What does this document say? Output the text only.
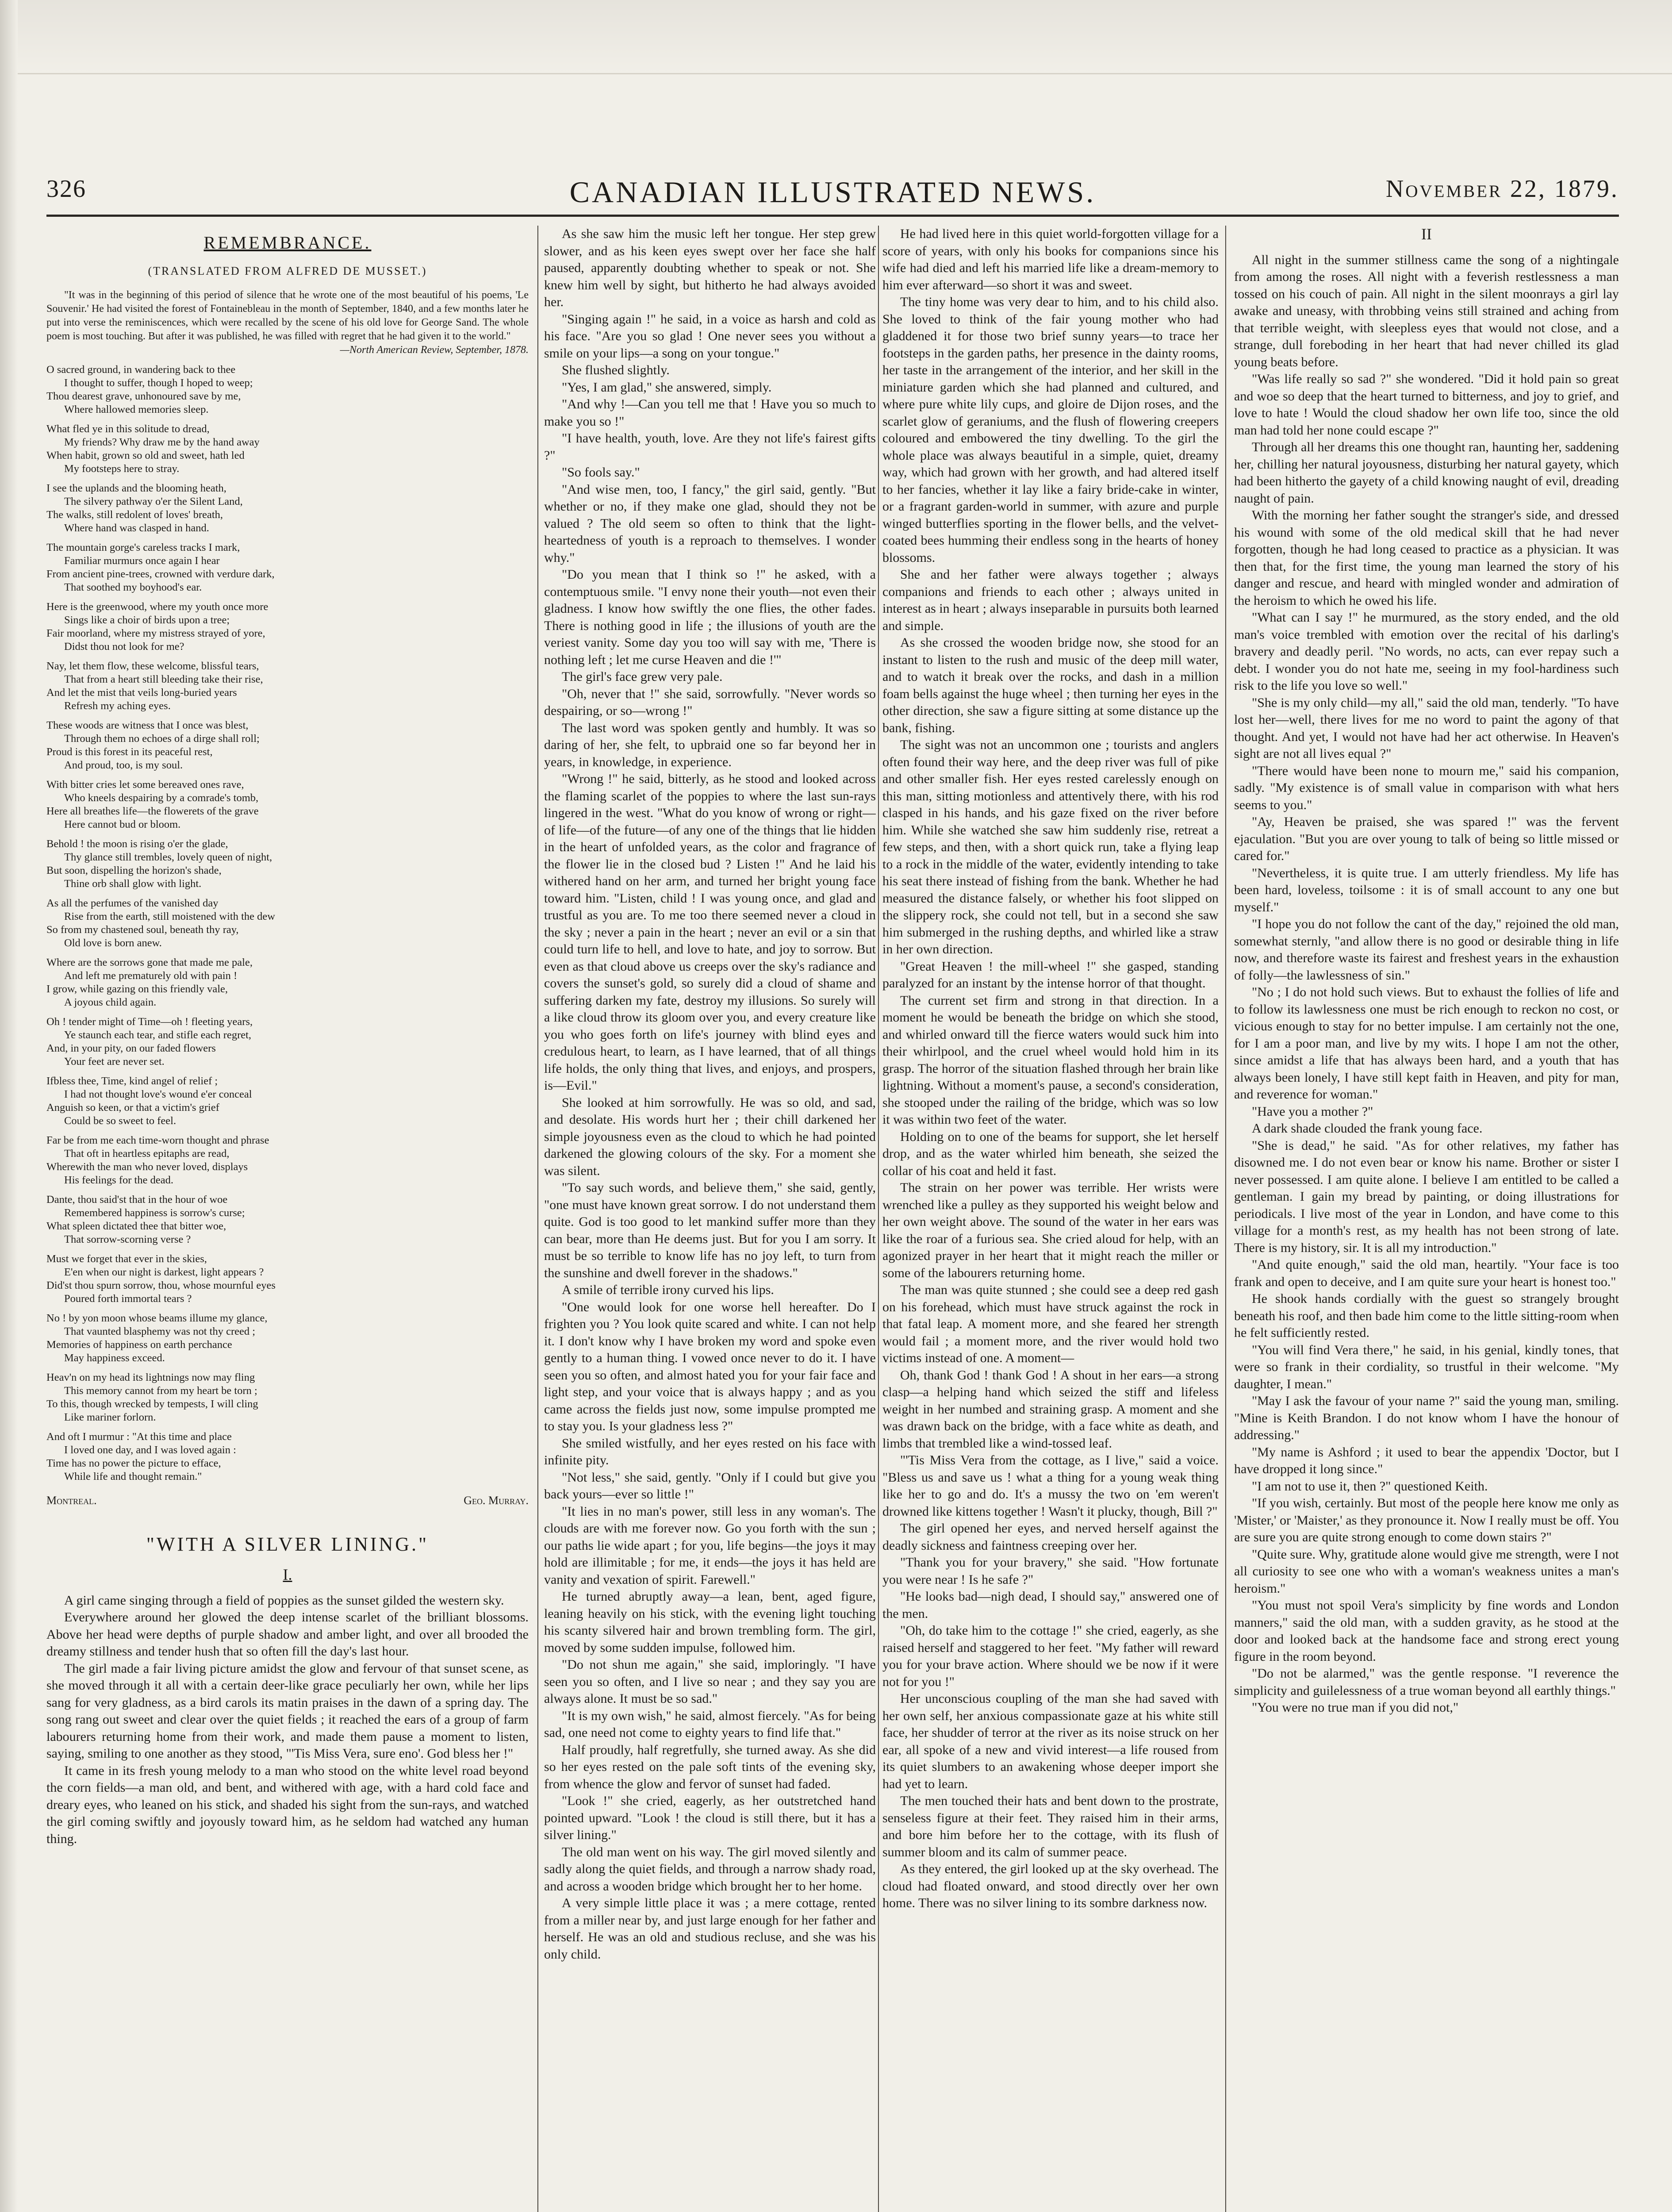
326	CANADIAN ILLUSTRATED NEWS.	November 22, 1879.
REMEMBRANCE.
(TRANSLATED FROM ALFRED DE MUSSET.)
"It was in the beginning of this period of silence that he wrote one of the most beautiful of his poems, 'Le Souvenir.' He had visited the forest of Fontainebleau in the month of September, 1840, and a few months later he put into verse the reminiscences, which were recalled by the scene of his old love for George Sand. The whole poem is most touching. But after it was published, he was filled with regret that he had given it to the world."
—North American Review, September, 1878.
O sacred ground, in wandering back to thee
I thought to suffer, though I hoped to weep;
Thou dearest grave, unhonoured save by me,
Where hallowed memories sleep.
What fled ye in this solitude to dread,
My friends? Why draw me by the hand away
When habit, grown so old and sweet, hath led
My footsteps here to stray.
I see the uplands and the blooming heath,
The silvery pathway o'er the Silent Land,
The walks, still redolent of loves' breath,
Where hand was clasped in hand.
The mountain gorge's careless tracks I mark,
Familiar murmurs once again I hear
From ancient pine-trees, crowned with verdure dark,
That soothed my boyhood's ear.
Here is the greenwood, where my youth once more
Sings like a choir of birds upon a tree;
Fair moorland, where my mistress strayed of yore,
Didst thou not look for me?
Nay, let them flow, these welcome, blissful tears,
That from a heart still bleeding take their rise,
And let the mist that veils long-buried years
Refresh my aching eyes.
These woods are witness that I once was blest,
Through them no echoes of a dirge shall roll;
Proud is this forest in its peaceful rest,
And proud, too, is my soul.
With bitter cries let some bereaved ones rave,
Who kneels despairing by a comrade's tomb,
Here all breathes life—the flowerets of the grave
Here cannot bud or bloom.
Behold ! the moon is rising o'er the glade,
Thy glance still trembles, lovely queen of night,
But soon, dispelling the horizon's shade,
Thine orb shall glow with light.
As all the perfumes of the vanished day
Rise from the earth, still moistened with the dew
So from my chastened soul, beneath thy ray,
Old love is born anew.
Where are the sorrows gone that made me pale,
And left me prematurely old with pain !
I grow, while gazing on this friendly vale,
A joyous child again.
Oh ! tender might of Time—oh ! fleeting years,
Ye staunch each tear, and stifle each regret,
And, in your pity, on our faded flowers
Your feet are never set.
Ifbless thee, Time, kind angel of relief ;
I had not thought love's wound e'er conceal
Anguish so keen, or that a victim's grief
Could be so sweet to feel.
Far be from me each time-worn thought and phrase
That oft in heartless epitaphs are read,
Wherewith the man who never loved, displays
His feelings for the dead.
Dante, thou said'st that in the hour of woe
Remembered happiness is sorrow's curse;
What spleen dictated thee that bitter woe,
That sorrow-scorning verse ?
Must we forget that ever in the skies,
E'en when our night is darkest, light appears ?
Did'st thou spurn sorrow, thou, whose mournful eyes
Poured forth immortal tears ?
No ! by yon moon whose beams illume my glance,
That vaunted blasphemy was not thy creed ;
Memories of happiness on earth perchance
May happiness exceed.
Heav'n on my head its lightnings now may fling
This memory cannot from my heart be torn ;
To this, though wrecked by tempests, I will cling
Like mariner forlorn.
And oft I murmur : "At this time and place
I loved one day, and I was loved again :
Time has no power the picture to efface,
While life and thought remain."
Montreal.	Geo. Murray.
"WITH A SILVER LINING."
I.

A girl came singing through a field of poppies as the sunset gilded the western sky.

Everywhere around her glowed the deep intense scarlet of the brilliant blossoms. Above her head were depths of purple shadow and amber light, and over all brooded the dreamy stillness and tender hush that so often fill the day's last hour.

The girl made a fair living picture amidst the glow and fervour of that sunset scene, as she moved through it all with a certain deer-like grace peculiarly her own, while her lips sang for very gladness, as a bird carols its matin praises in the dawn of a spring day. The song rang out sweet and clear over the quiet fields ; it reached the ears of a group of farm labourers returning home from their work, and made them pause a moment to listen, saying, smiling to one another as they stood, "'Tis Miss Vera, sure eno'. God bless her !"

It came in its fresh young melody to a man who stood on the white level road beyond the corn fields—a man old, and bent, and withered with age, with a hard cold face and dreary eyes, who leaned on his stick, and shaded his sight from the sun-rays, and watched the girl coming swiftly and joyously toward him, as he seldom had watched any human thing.

As she saw him the music left her tongue. Her step grew slower, and as his keen eyes swept over her face she half paused, apparently doubting whether to speak or not. She knew him well by sight, but hitherto he had always avoided her.

"Singing again !" he said, in a voice as harsh and cold as his face. "Are you so glad ! One never sees you without a smile on your lips—a song on your tongue."

She flushed slightly.

"Yes, I am glad," she answered, simply.

"And why !—Can you tell me that ! Have you so much to make you so !"

"I have health, youth, love. Are they not life's fairest gifts ?"

"So fools say."

"And wise men, too, I fancy," the girl said, gently. "But whether or no, if they make one glad, should they not be valued ? The old seem so often to think that the light-heartedness of youth is a reproach to themselves. I wonder why."

"Do you mean that I think so !" he asked, with a contemptuous smile. "I envy none their youth—not even their gladness. I know how swiftly the one flies, the other fades. There is nothing good in life ; the illusions of youth are the veriest vanity. Some day you too will say with me, 'There is nothing left ; let me curse Heaven and die !'"

The girl's face grew very pale.

"Oh, never that !" she said, sorrowfully. "Never words so despairing, or so—wrong !"

The last word was spoken gently and humbly. It was so daring of her, she felt, to upbraid one so far beyond her in years, in knowledge, in experience.

"Wrong !" he said, bitterly, as he stood and looked across the flaming scarlet of the poppies to where the last sun-rays lingered in the west. "What do you know of wrong or right—of life—of the future—of any one of the things that lie hidden in the heart of unfolded years, as the color and fragrance of the flower lie in the closed bud ? Listen !" And he laid his withered hand on her arm, and turned her bright young face toward him. "Listen, child ! I was young once, and glad and trustful as you are. To me too there seemed never a cloud in the sky ; never a pain in the heart ; never an evil or a sin that could turn life to hell, and love to hate, and joy to sorrow. But even as that cloud above us creeps over the sky's radiance and covers the sunset's gold, so surely did a cloud of shame and suffering darken my fate, destroy my illusions. So surely will a like cloud throw its gloom over you, and every creature like you who goes forth on life's journey with blind eyes and credulous heart, to learn, as I have learned, that of all things life holds, the only thing that lives, and enjoys, and prospers, is—Evil."

She looked at him sorrowfully. He was so old, and sad, and desolate. His words hurt her ; their chill darkened her simple joyousness even as the cloud to which he had pointed darkened the glowing colours of the sky. For a moment she was silent.

"To say such words, and believe them," she said, gently, "one must have known great sorrow. I do not understand them quite. God is too good to let mankind suffer more than they can bear, more than He deems just. But for you I am sorry. It must be so terrible to know life has no joy left, to turn from the sunshine and dwell forever in the shadows."

A smile of terrible irony curved his lips.

"One would look for one worse hell hereafter. Do I frighten you ? You look quite scared and white. I can not help it. I don't know why I have broken my word and spoke even gently to a human thing. I vowed once never to do it. I have seen you so often, and almost hated you for your fair face and light step, and your voice that is always happy ; and as you came across the fields just now, some impulse prompted me to stay you. Is your gladness less ?"

She smiled wistfully, and her eyes rested on his face with infinite pity.

"Not less," she said, gently. "Only if I could but give you back yours—ever so little !"

"It lies in no man's power, still less in any woman's. The clouds are with me forever now. Go you forth with the sun ; our paths lie wide apart ; for you, life begins—the joys it may hold are illimitable ; for me, it ends—the joys it has held are vanity and vexation of spirit. Farewell."

He turned abruptly away—a lean, bent, aged figure, leaning heavily on his stick, with the evening light touching his scanty silvered hair and brown trembling form. The girl, moved by some sudden impulse, followed him.

"Do not shun me again," she said, imploringly. "I have seen you so often, and I live so near ; and they say you are always alone. It must be so sad."

"It is my own wish," he said, almost fiercely. "As for being sad, one need not come to eighty years to find life that."

Half proudly, half regretfully, she turned away. As she did so her eyes rested on the pale soft tints of the evening sky, from whence the glow and fervor of sunset had faded.

"Look !" she cried, eagerly, as her outstretched hand pointed upward. "Look ! the cloud is still there, but it has a silver lining."

The old man went on his way. The girl moved silently and sadly along the quiet fields, and through a narrow shady road, and across a wooden bridge which brought her to her home.

A very simple little place it was ; a mere cottage, rented from a miller near by, and just large enough for her father and herself. He was an old and studious recluse, and she was his only child.

He had lived here in this quiet world-forgotten village for a score of years, with only his books for companions since his wife had died and left his married life like a dream-memory to him ever afterward—so short it was and sweet.

The tiny home was very dear to him, and to his child also. She loved to think of the fair young mother who had gladdened it for those two brief sunny years—to trace her footsteps in the garden paths, her presence in the dainty rooms, her taste in the arrangement of the interior, and her skill in the miniature garden which she had planned and cultured, and where pure white lily cups, and gloire de Dijon roses, and the scarlet glow of geraniums, and the flush of flowering creepers coloured and embowered the tiny dwelling. To the girl the whole place was always beautiful in a simple, quiet, dreamy way, which had grown with her growth, and had altered itself to her fancies, whether it lay like a fairy bride-cake in winter, or a fragrant garden-world in summer, with azure and purple winged butterflies sporting in the flower bells, and the velvet-coated bees humming their endless song in the hearts of honey blossoms.

She and her father were always together ; always companions and friends to each other ; always united in interest as in heart ; always inseparable in pursuits both learned and simple.

As she crossed the wooden bridge now, she stood for an instant to listen to the rush and music of the deep mill water, and to watch it break over the rocks, and dash in a million foam bells against the huge wheel ; then turning her eyes in the other direction, she saw a figure sitting at some distance up the bank, fishing.

The sight was not an uncommon one ; tourists and anglers often found their way here, and the deep river was full of pike and other smaller fish. Her eyes rested carelessly enough on this man, sitting motionless and attentively there, with his rod clasped in his hands, and his gaze fixed on the river before him. While she watched she saw him suddenly rise, retreat a few steps, and then, with a short quick run, take a flying leap to a rock in the middle of the water, evidently intending to take his seat there instead of fishing from the bank. Whether he had measured the distance falsely, or whether his foot slipped on the slippery rock, she could not tell, but in a second she saw him submerged in the rushing depths, and whirled like a straw in her own direction.

"Great Heaven ! the mill-wheel !" she gasped, standing paralyzed for an instant by the intense horror of that thought.

The current set firm and strong in that direction. In a moment he would be beneath the bridge on which she stood, and whirled onward till the fierce waters would suck him into their whirlpool, and the cruel wheel would hold him in its grasp. The horror of the situation flashed through her brain like lightning. Without a moment's pause, a second's consideration, she stooped under the railing of the bridge, which was so low it was within two feet of the water.

Holding on to one of the beams for support, she let herself drop, and as the water whirled him beneath, she seized the collar of his coat and held it fast.

The strain on her power was terrible. Her wrists were wrenched like a pulley as they supported his weight below and her own weight above. The sound of the water in her ears was like the roar of a furious sea. She cried aloud for help, with an agonized prayer in her heart that it might reach the miller or some of the labourers returning home.

The man was quite stunned ; she could see a deep red gash on his forehead, which must have struck against the rock in that fatal leap. A moment more, and she feared her strength would fail ; a moment more, and the river would hold two victims instead of one. A moment—

Oh, thank God ! thank God ! A shout in her ears—a strong clasp—a helping hand which seized the stiff and lifeless weight in her numbed and straining grasp. A moment and she was drawn back on the bridge, with a face white as death, and limbs that trembled like a wind-tossed leaf.

"'Tis Miss Vera from the cottage, as I live," said a voice. "Bless us and save us ! what a thing for a young weak thing like her to go and do. It's a mussy the two on 'em weren't drowned like kittens together ! Wasn't it plucky, though, Bill ?"

The girl opened her eyes, and nerved herself against the deadly sickness and faintness creeping over her.

"Thank you for your bravery," she said. "How fortunate you were near ! Is he safe ?"

"He looks bad—nigh dead, I should say," answered one of the men.

"Oh, do take him to the cottage !" she cried, eagerly, as she raised herself and staggered to her feet. "My father will reward you for your brave action. Where should we be now if it were not for you !"

Her unconscious coupling of the man she had saved with her own self, her anxious compassionate gaze at his white still face, her shudder of terror at the river as its noise struck on her ear, all spoke of a new and vivid interest—a life roused from its quiet slumbers to an awakening whose deeper import she had yet to learn.

The men touched their hats and bent down to the prostrate, senseless figure at their feet. They raised him in their arms, and bore him before her to the cottage, with its flush of summer bloom and its calm of summer peace.

As they entered, the girl looked up at the sky overhead. The cloud had floated onward, and stood directly over her own home. There was no silver lining to its sombre darkness now.

II

All night in the summer stillness came the song of a nightingale from among the roses. All night with a feverish restlessness a man tossed on his couch of pain. All night in the silent moonrays a girl lay awake and uneasy, with throbbing veins still strained and aching from that terrible weight, with sleepless eyes that would not close, and a strange, dull foreboding in her heart that had never chilled its glad young beats before.

"Was life really so sad ?" she wondered. "Did it hold pain so great and woe so deep that the heart turned to bitterness, and joy to grief, and love to hate ! Would the cloud shadow her own life too, since the old man had told her none could escape ?"

Through all her dreams this one thought ran, haunting her, saddening her, chilling her natural joyousness, disturbing her natural gayety, which had been hitherto the gayety of a child knowing naught of evil, dreading naught of pain.

With the morning her father sought the stranger's side, and dressed his wound with some of the old medical skill that he had never forgotten, though he had long ceased to practice as a physician. It was then that, for the first time, the young man learned the story of his danger and rescue, and heard with mingled wonder and admiration of the heroism to which he owed his life.

"What can I say !" he murmured, as the story ended, and the old man's voice trembled with emotion over the recital of his darling's bravery and deadly peril. "No words, no acts, can ever repay such a debt. I wonder you do not hate me, seeing in my fool-hardiness such risk to the life you love so well."

"She is my only child—my all," said the old man, tenderly. "To have lost her—well, there lives for me no word to paint the agony of that thought. And yet, I would not have had her act otherwise. In Heaven's sight are not all lives equal ?"

"There would have been none to mourn me," said his companion, sadly. "My existence is of small value in comparison with what hers seems to you."

"Ay, Heaven be praised, she was spared !" was the fervent ejaculation. "But you are over young to talk of being so little missed or cared for."

"Nevertheless, it is quite true. I am utterly friendless. My life has been hard, loveless, toilsome : it is of small account to any one but myself."

"I hope you do not follow the cant of the day," rejoined the old man, somewhat sternly, "and allow there is no good or desirable thing in life now, and therefore waste its fairest and freshest years in the exhaustion of folly—the lawlessness of sin."

"No ; I do not hold such views. But to exhaust the follies of life and to follow its lawlessness one must be rich enough to reckon no cost, or vicious enough to stay for no better impulse. I am certainly not the one, for I am a poor man, and live by my wits. I hope I am not the other, since amidst a life that has always been hard, and a youth that has always been lonely, I have still kept faith in Heaven, and pity for man, and reverence for woman."

"Have you a mother ?"

A dark shade clouded the frank young face.

"She is dead," he said. "As for other relatives, my father has disowned me. I do not even bear or know his name. Brother or sister I never possessed. I am quite alone. I believe I am entitled to be called a gentleman. I gain my bread by painting, or doing illustrations for periodicals. I live most of the year in London, and have come to this village for a month's rest, as my health has not been strong of late. There is my history, sir. It is all my introduction."

"And quite enough," said the old man, heartily. "Your face is too frank and open to deceive, and I am quite sure your heart is honest too."

He shook hands cordially with the guest so strangely brought beneath his roof, and then bade him come to the little sitting-room when he felt sufficiently rested.

"You will find Vera there," he said, in his genial, kindly tones, that were so frank in their cordiality, so trustful in their welcome. "My daughter, I mean."

"May I ask the favour of your name ?" said the young man, smiling. "Mine is Keith Brandon. I do not know whom I have the honour of addressing."

"My name is Ashford ; it used to bear the appendix 'Doctor, but I have dropped it long since."

"I am not to use it, then ?" questioned Keith.

"If you wish, certainly. But most of the people here know me only as 'Mister,' or 'Maister,' as they pronounce it. Now I really must be off. You are sure you are quite strong enough to come down stairs ?"

"Quite sure. Why, gratitude alone would give me strength, were I not all curiosity to see one who with a woman's weakness unites a man's heroism."

"You must not spoil Vera's simplicity by fine words and London manners," said the old man, with a sudden gravity, as he stood at the door and looked back at the handsome face and strong erect young figure in the room beyond.

"Do not be alarmed," was the gentle response. "I reverence the simplicity and guilelessness of a true woman beyond all earthly things."

"You were no true man if you did not,"
